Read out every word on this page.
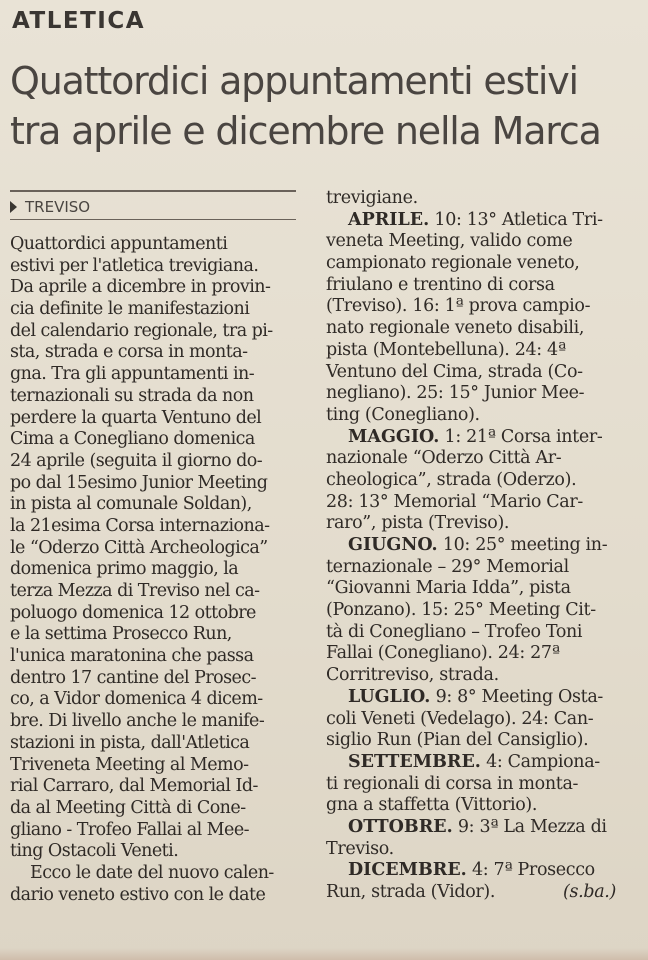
ATLETICA
Quattordici appuntamenti estivi
tra aprile e dicembre nella Marca
TREVISO
Quattordici appuntamenti
estivi per l'atletica trevigiana.
Da aprile a dicembre in provin-
cia definite le manifestazioni
del calendario regionale, tra pi-
sta, strada e corsa in monta-
gna. Tra gli appuntamenti in-
ternazionali su strada da non
perdere la quarta Ventuno del
Cima a Conegliano domenica
24 aprile (seguita il giorno do-
po dal 15esimo Junior Meeting
in pista al comunale Soldan),
la 21esima Corsa internaziona-
le “Oderzo Città Archeologica”
domenica primo maggio, la
terza Mezza di Treviso nel ca-
poluogo domenica 12 ottobre
e la settima Prosecco Run,
l'unica maratonina che passa
dentro 17 cantine del Prosec-
co, a Vidor domenica 4 dicem-
bre. Di livello anche le manife-
stazioni in pista, dall'Atletica
Triveneta Meeting al Memo-
rial Carraro, dal Memorial Id-
da al Meeting Città di Cone-
gliano - Trofeo Fallai al Mee-
ting Ostacoli Veneti.
Ecco le date del nuovo calen-
dario veneto estivo con le date
trevigiane.
APRILE. 10: 13° Atletica Tri-
veneta Meeting, valido come
campionato regionale veneto,
friulano e trentino di corsa
(Treviso). 16: 1ª prova campio-
nato regionale veneto disabili,
pista (Montebelluna). 24: 4ª
Ventuno del Cima, strada (Co-
negliano). 25: 15° Junior Mee-
ting (Conegliano).
MAGGIO. 1: 21ª Corsa inter-
nazionale “Oderzo Città Ar-
cheologica”, strada (Oderzo).
28: 13° Memorial “Mario Car-
raro”, pista (Treviso).
GIUGNO. 10: 25° meeting in-
ternazionale – 29° Memorial
“Giovanni Maria Idda”, pista
(Ponzano). 15: 25° Meeting Cit-
tà di Conegliano – Trofeo Toni
Fallai (Conegliano). 24: 27ª
Corritreviso, strada.
LUGLIO. 9: 8° Meeting Osta-
coli Veneti (Vedelago). 24: Can-
siglio Run (Pian del Cansiglio).
SETTEMBRE. 4: Campiona-
ti regionali di corsa in monta-
gna a staffetta (Vittorio).
OTTOBRE. 9: 3ª La Mezza di
Treviso.
DICEMBRE. 4: 7ª Prosecco
Run, strada (Vidor).	(s.ba.)
